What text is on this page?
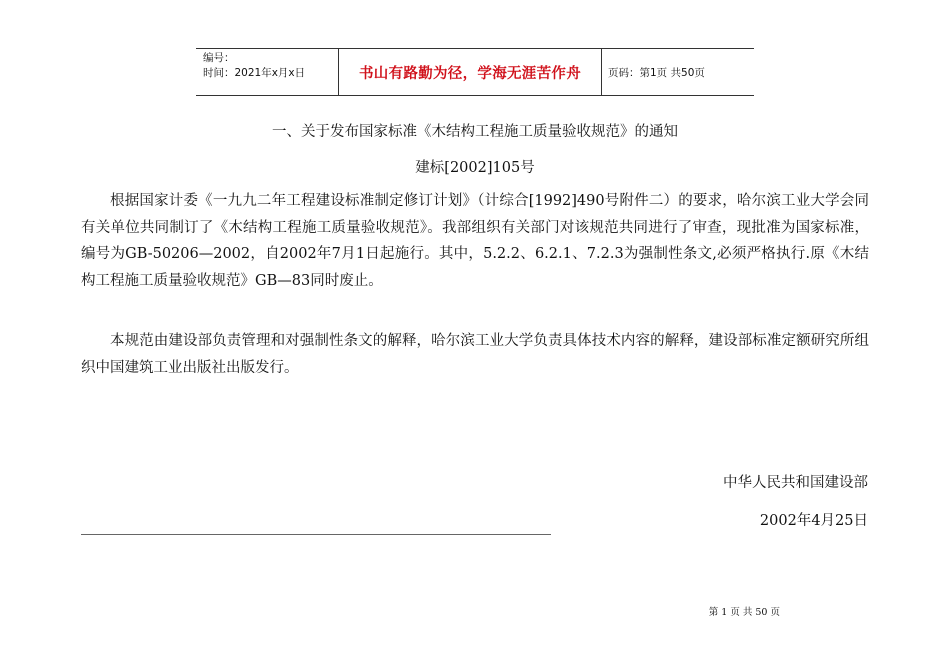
编号：
时间：2021年x月x日	书山有路勤为径，学海无涯苦作舟	页码：第1页 共50页
一、关于发布国家标准《木结构工程施工质量验收规范》的通知
建标[2002]105号

根据国家计委《一九九二年工程建设标准制定修订计划》（计综合[1992]490号附件二）的要求，哈尔滨工业大学会同有关单位共同制订了《木结构工程施工质量验收规范》。我部组织有关部门对该规范共同进行了审查，现批准为国家标准，编号为GB-50206—2002，自2002年7月1日起施行。其中，5.2.2、6.2.1、7.2.3为强制性条文,必须严格执行.原《木结构工程施工质量验收规范》GB—83同时废止。

本规范由建设部负责管理和对强制性条文的解释，哈尔滨工业大学负责具体技术内容的解释，建设部标准定额研究所组织中国建筑工业出版社出版发行。

中华人民共和国建设部
2002年4月25日
第 1 页 共 50 页
